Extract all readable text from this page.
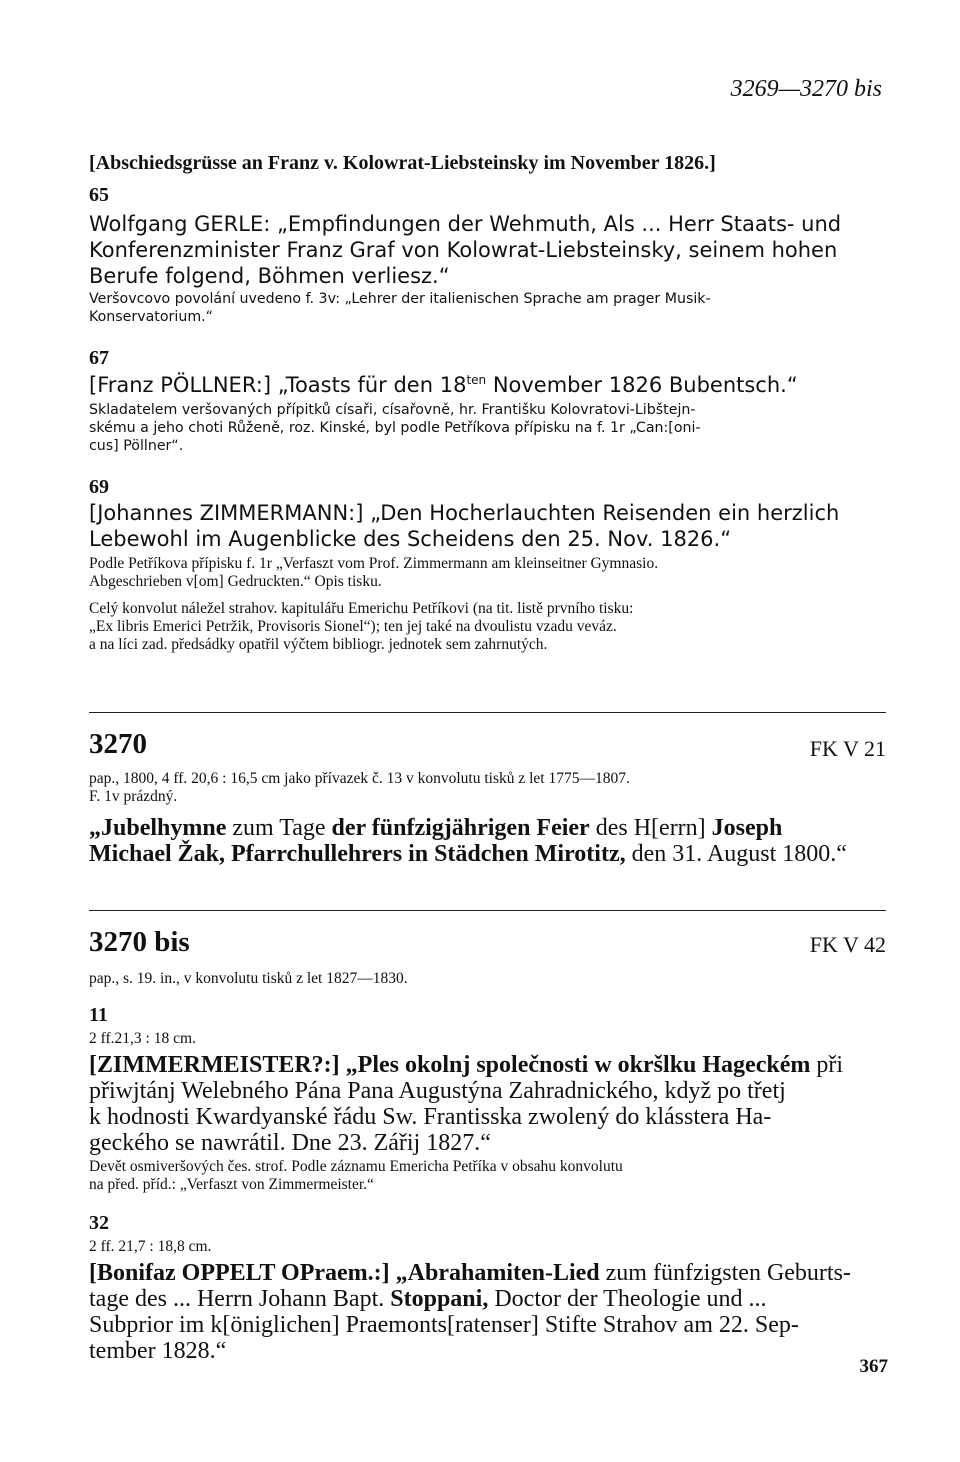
3269—3270 bis
[Abschiedsgrüsse an Franz v. Kolowrat-Liebsteinsky im November 1826.]
65
Wolfgang GERLE: „Empfindungen der Wehmuth, Als ... Herr Staats- und
Konferenzminister Franz Graf von Kolowrat-Liebsteinsky, seinem hohen
Berufe folgend, Böhmen verliesz.“
Veršovcovo povolání uvedeno f. 3v: „Lehrer der italienischen Sprache am prager Musik-
Konservatorium.“
67
[Franz PÖLLNER:] „Toasts für den $18^{ten}$ November 1826 Bubentsch.“
Skladatelem veršovaných přípitků císaři, císařovně, hr. Františku Kolovratovi-Libštejn-
skému a jeho choti Růženě, roz. Kinské, byl podle Petříkova přípisku na f. 1r „Can:[oni-
cus] Pöllner“.
69
[Johannes ZIMMERMANN:] „Den Hocherlauchten Reisenden ein herzlich
Lebewohl im Augenblicke des Scheidens den 25. Nov. 1826.“
Podle Petříkova přípisku f. 1r „Verfaszt vom Prof. Zimmermann am kleinseitner Gymnasio.
Abgeschrieben v[om] Gedruckten.“ Opis tisku.
Celý konvolut náležel strahov. kapitulářu Emerichu Petříkovi (na tit. listě prvního tisku:
„Ex libris Emerici Petržik, Provisoris Sionel“); ten jej také na dvoulistu vzadu veváz.
a na líci zad. předsádky opatřil výčtem bibliogr. jednotek sem zahrnutých.
3270	FK V 21
pap., 1800, 4 ff. 20,6 : 16,5 cm jako přívazek č. 13 v konvolutu tisků z let 1775—1807.
F. 1v prázdný.
„Jubelhymne zum Tage der fünfzigjährigen Feier des H[errn] Joseph
Michael Žak, Pfarrchullehrers in Städchen Mirotitz, den 31. August 1800.“
3270 bis	FK V 42
pap., s. 19. in., v konvolutu tisků z let 1827—1830.
11
2 ff.21,3 : 18 cm.
[ZIMMERMEISTER?:] „Ples okolnj společnosti w okršlku Hageckém při
přiwjtánj Welebného Pána Pana Augustýna Zahradnického, když po třetj
k hodnosti Kwardyanské řádu Sw. Frantisska zwolený do klásstera Ha-
geckého se nawrátil. Dne 23. Zářij 1827.“
Devět osmiveršových čes. strof. Podle záznamu Emericha Petříka v obsahu konvolutu
na před. příd.: „Verfaszt von Zimmermeister.“
32
2 ff. 21,7 : 18,8 cm.
[Bonifaz OPPELT OPraem.:] „Abrahamiten-Lied zum fünfzigsten Geburts-
tage des ... Herrn Johann Bapt. Stoppani, Doctor der Theologie und ...
Subprior im k[öniglichen] Praemonts[ratenser] Stifte Strahov am 22. Sep-
tember 1828.“
367
